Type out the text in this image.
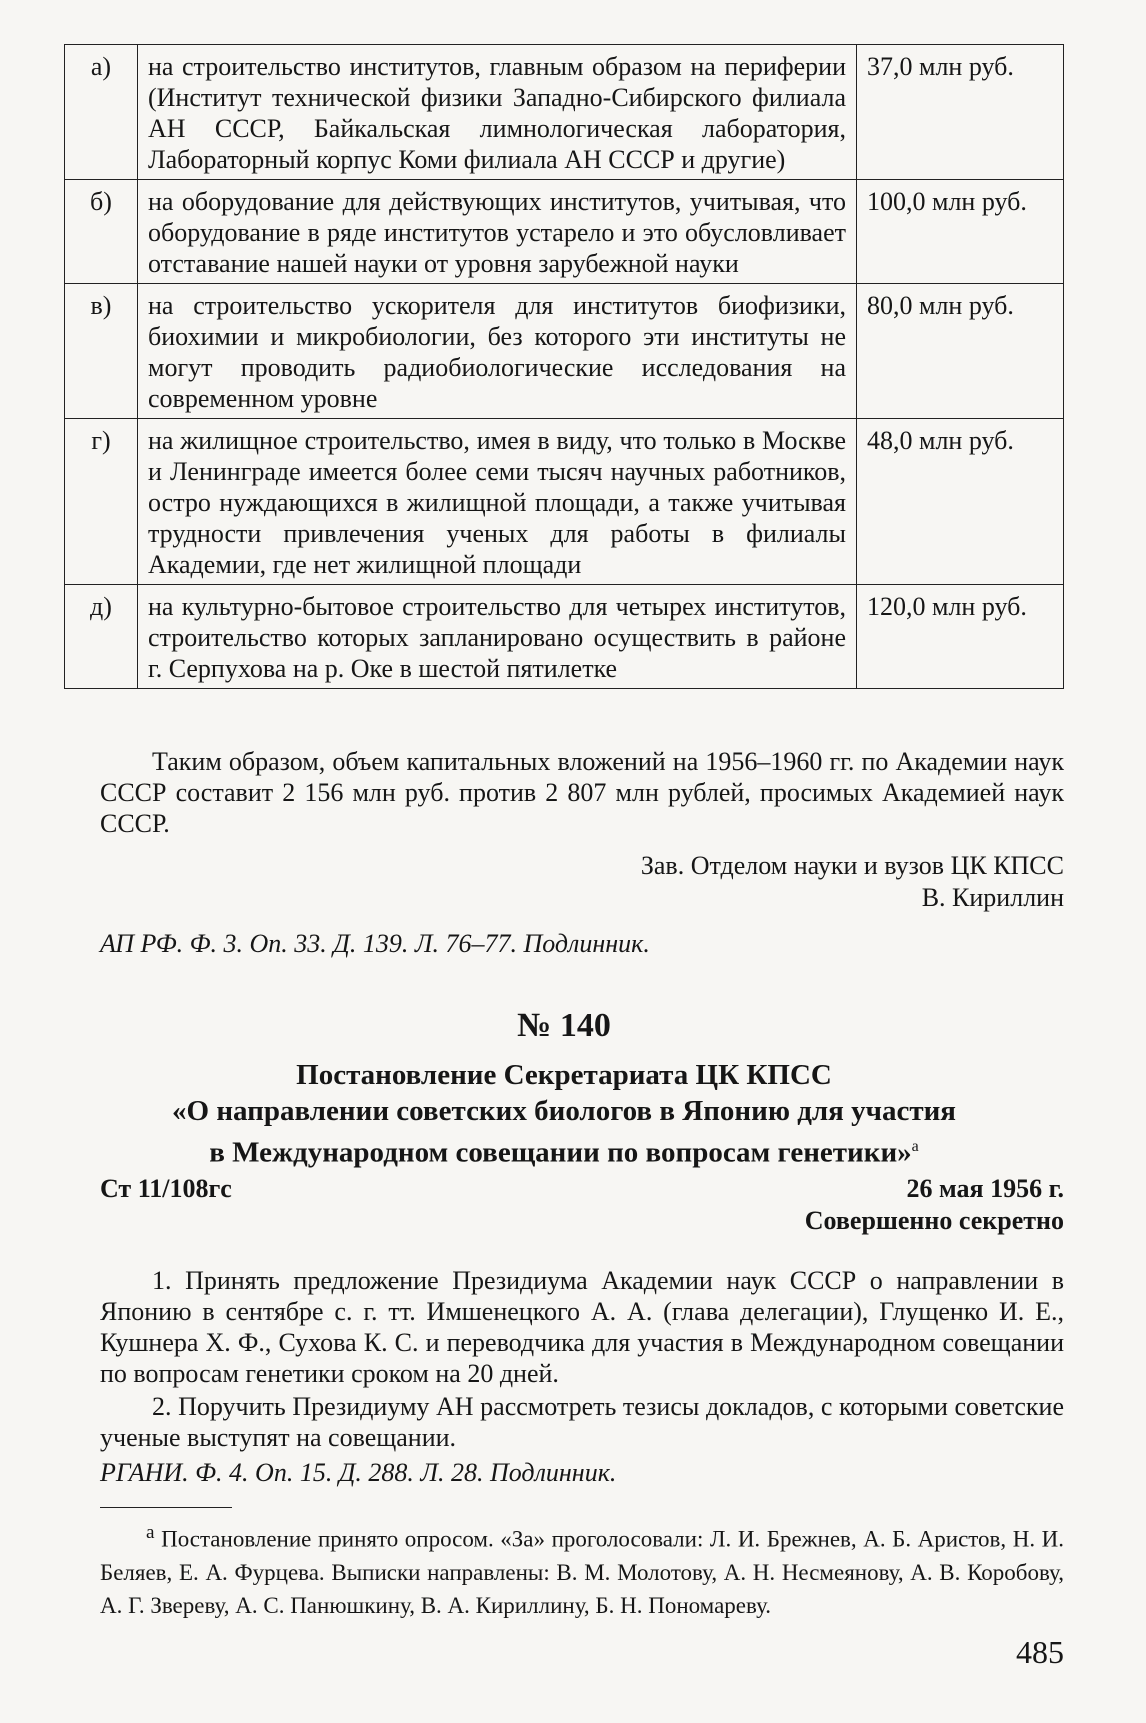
а)	на строительство институтов, главным образом на периферии (Институт технической физики Западно-Сибирского филиала АН СССР, Байкальская лимнологическая лаборатория, Лабораторный корпус Коми филиала АН СССР и другие)	37,0 млн руб.
б)	на оборудование для действующих институтов, учитывая, что оборудование в ряде институтов устарело и это обусловливает отставание нашей науки от уровня зарубежной науки	100,0 млн руб.
в)	на строительство ускорителя для институтов биофизики, биохимии и микробиологии, без которого эти институты не могут проводить радиобиологические исследования на современном уровне	80,0 млн руб.
г)	на жилищное строительство, имея в виду, что только в Москве и Ленинграде имеется более семи тысяч научных работников, остро нуждающихся в жилищной площади, а также учитывая трудности привлечения ученых для работы в филиалы Академии, где нет жилищной площади	48,0 млн руб.
д)	на культурно-бытовое строительство для четырех институтов, строительство которых запланировано осуществить в районе г. Серпухова на р. Оке в шестой пятилетке	120,0 млн руб.
Таким образом, объем капитальных вложений на 1956–1960 гг. по Академии наук СССР составит 2 156 млн руб. против 2 807 млн рублей, просимых Академией наук СССР.
Зав. Отделом науки и вузов ЦК КПСС
В. Кириллин
АП РФ. Ф. 3. Оп. 33. Д. 139. Л. 76–77. Подлинник.
№ 140
Постановление Секретариата ЦК КПСС
«О направлении советских биологов в Японию для участия
в Международном совещании по вопросам генетики»$^а$
Ст 11/108гс	26 мая 1956 г.
Совершенно секретно
1. Принять предложение Президиума Академии наук СССР о направлении в Японию в сентябре с. г. тт. Имшенецкого А. А. (глава делегации), Глущенко И. Е., Кушнера Х. Ф., Сухова К. С. и переводчика для участия в Международном совещании по вопросам генетики сроком на 20 дней.
2. Поручить Президиуму АН рассмотреть тезисы докладов, с которыми советские ученые выступят на совещании.
РГАНИ. Ф. 4. Оп. 15. Д. 288. Л. 28. Подлинник.
$^а$ Постановление принято опросом. «За» проголосовали: Л. И. Брежнев, А. Б. Аристов, Н. И. Беляев, Е. А. Фурцева. Выписки направлены: В. М. Молотову, А. Н. Несмеянову, А. В. Коробову, А. Г. Звереву, А. С. Панюшкину, В. А. Кириллину, Б. Н. Пономареву.
485
